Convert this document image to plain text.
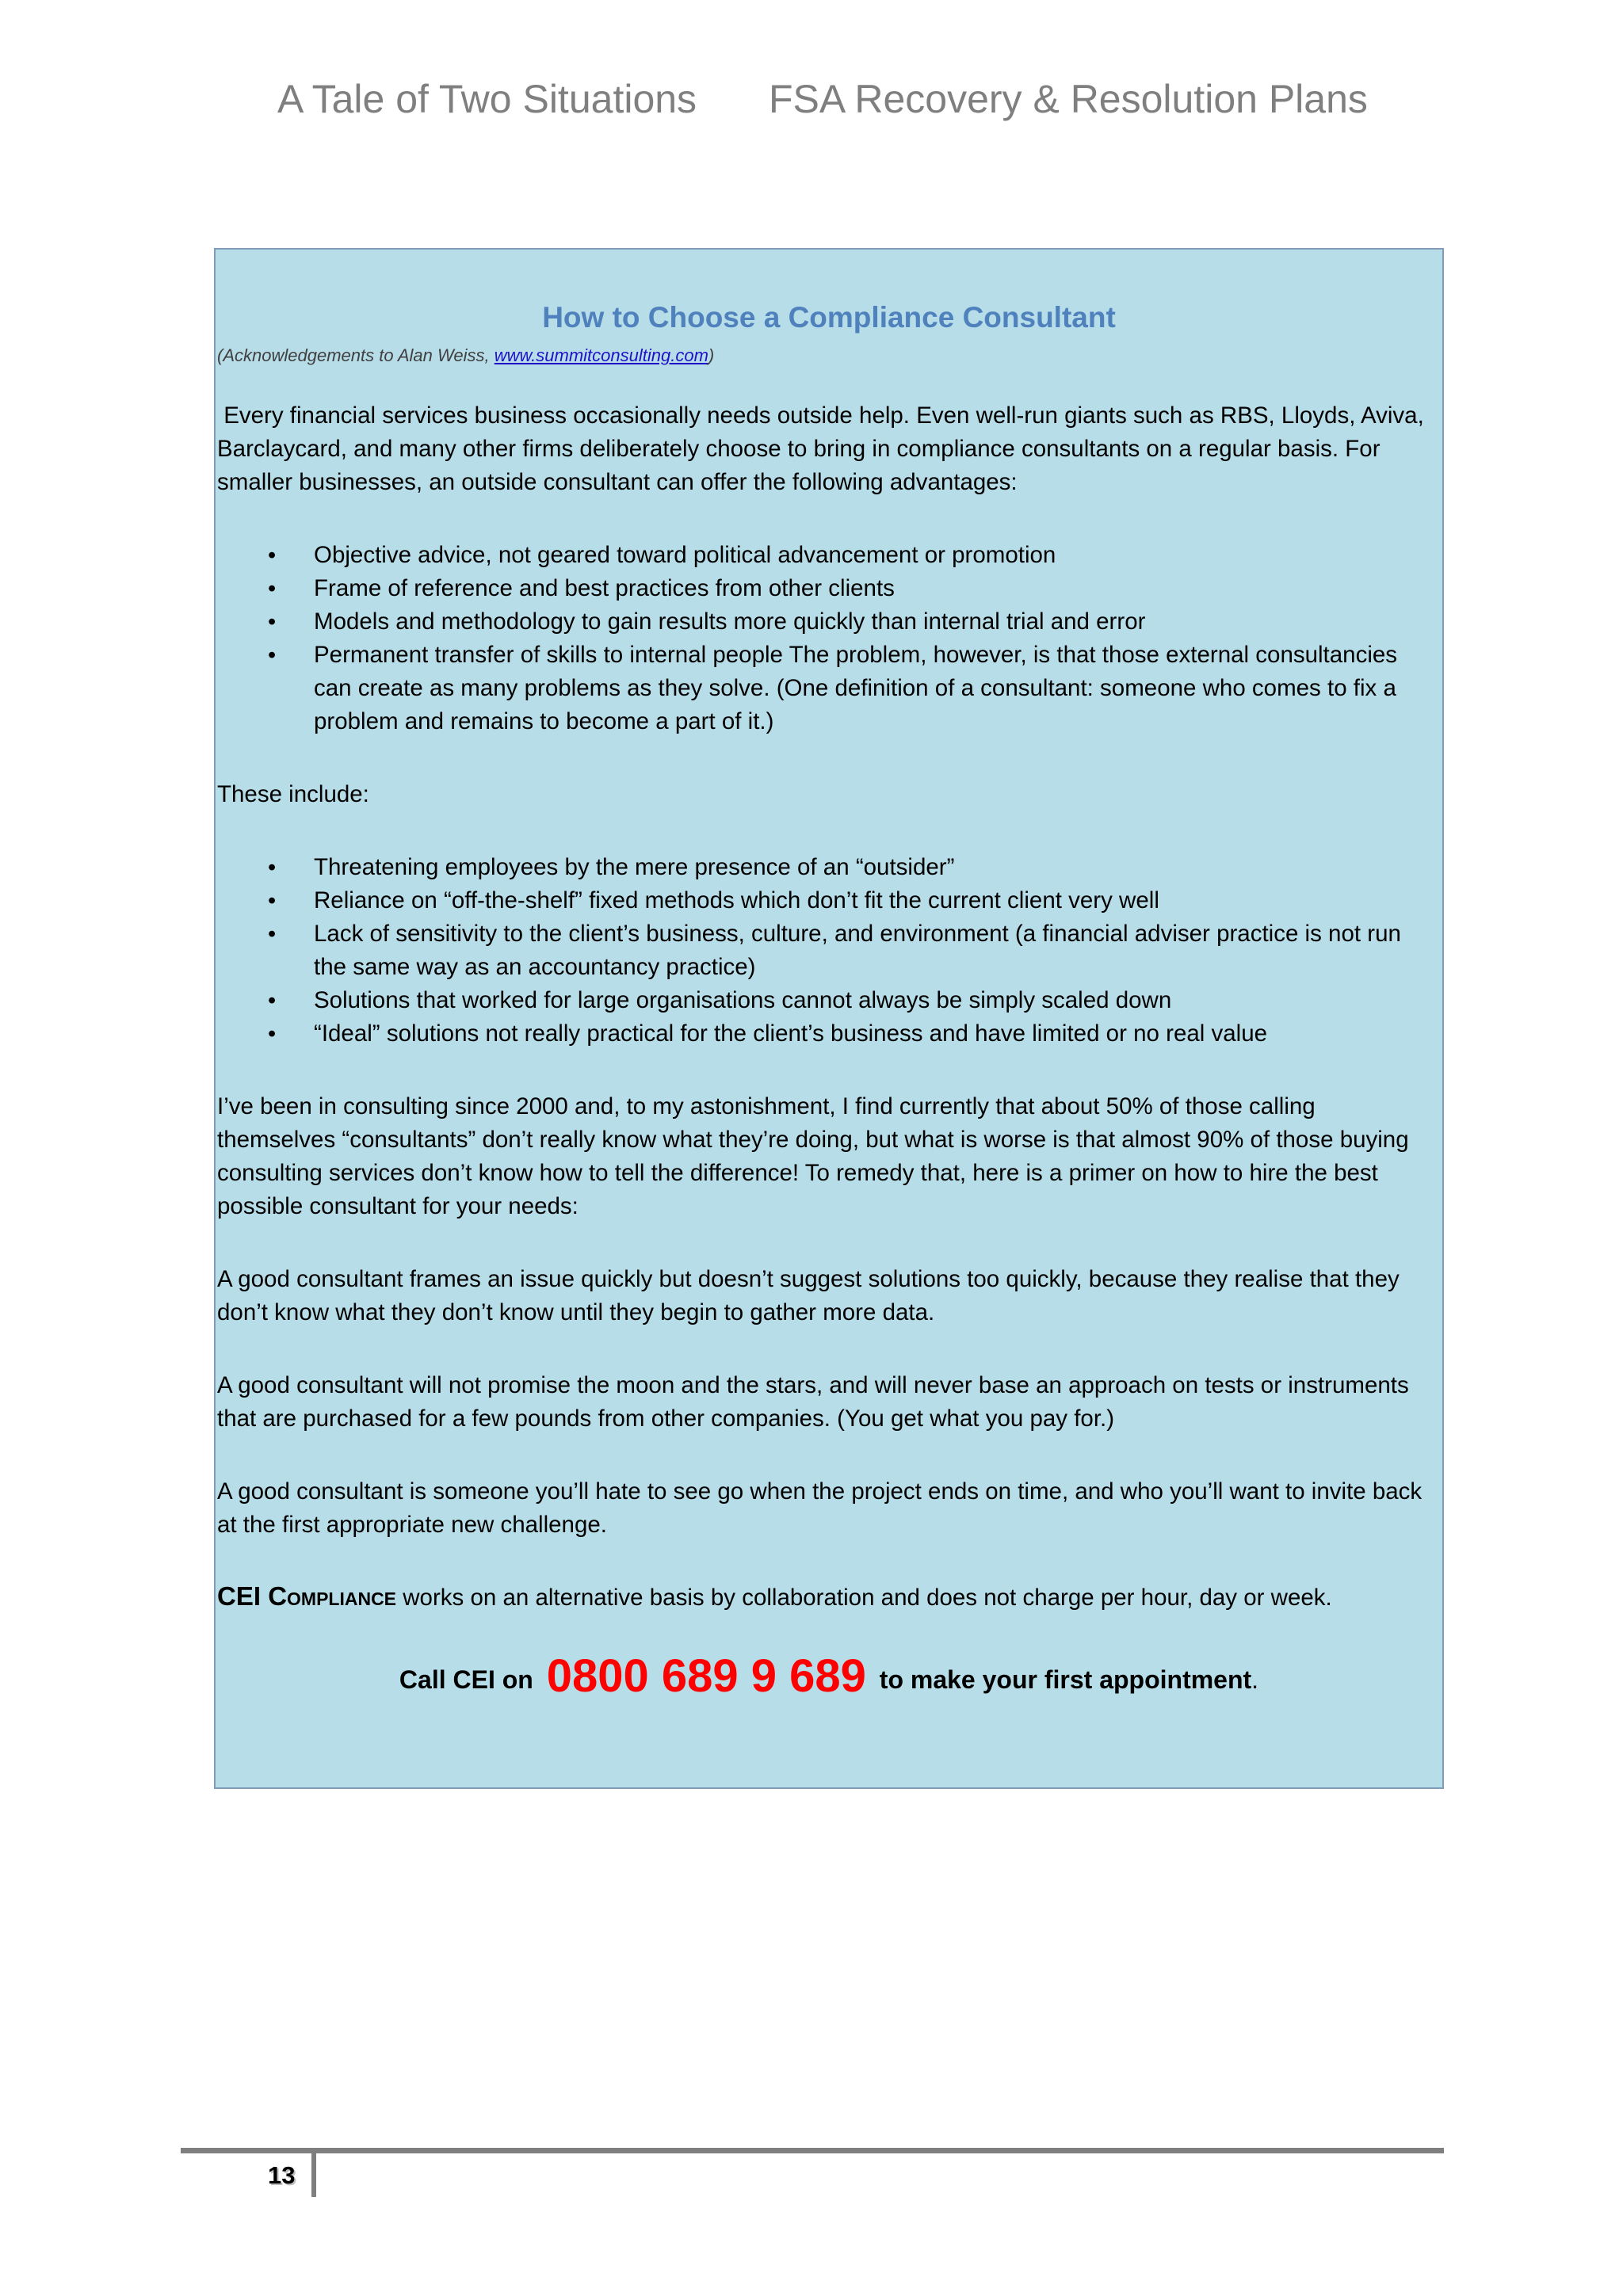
A Tale of Two Situations FSA Recovery & Resolution Plans
How to Choose a Compliance Consultant
(Acknowledgements to Alan Weiss, www.summitconsulting.com)

Every financial services business occasionally needs outside help. Even well-run giants such as RBS, Lloyds, Aviva, Barclaycard, and many other firms deliberately choose to bring in compliance consultants on a regular basis. For smaller businesses, an outside consultant can offer the following advantages:

• Objective advice, not geared toward political advancement or promotion
• Frame of reference and best practices from other clients
• Models and methodology to gain results more quickly than internal trial and error
• Permanent transfer of skills to internal people The problem, however, is that those external consultancies can create as many problems as they solve. (One definition of a consultant: someone who comes to fix a problem and remains to become a part of it.)

These include:

• Threatening employees by the mere presence of an “outsider”
• Reliance on “off-the-shelf” fixed methods which don’t fit the current client very well
• Lack of sensitivity to the client’s business, culture, and environment (a financial adviser practice is not run the same way as an accountancy practice)
• Solutions that worked for large organisations cannot always be simply scaled down
• “Ideal” solutions not really practical for the client’s business and have limited or no real value

I’ve been in consulting since 2000 and, to my astonishment, I find currently that about 50% of those calling themselves “consultants” don’t really know what they’re doing, but what is worse is that almost 90% of those buying consulting services don’t know how to tell the difference! To remedy that, here is a primer on how to hire the best possible consultant for your needs:

A good consultant frames an issue quickly but doesn’t suggest solutions too quickly, because they realise that they don’t know what they don’t know until they begin to gather more data.

A good consultant will not promise the moon and the stars, and will never base an approach on tests or instruments that are purchased for a few pounds from other companies. (You get what you pay for.)

A good consultant is someone you’ll hate to see go when the project ends on time, and who you’ll want to invite back at the first appropriate new challenge.

CEI Compliance works on an alternative basis by collaboration and does not charge per hour, day or week.
Call CEI on 0800 689 9 689 to make your first appointment.
13
